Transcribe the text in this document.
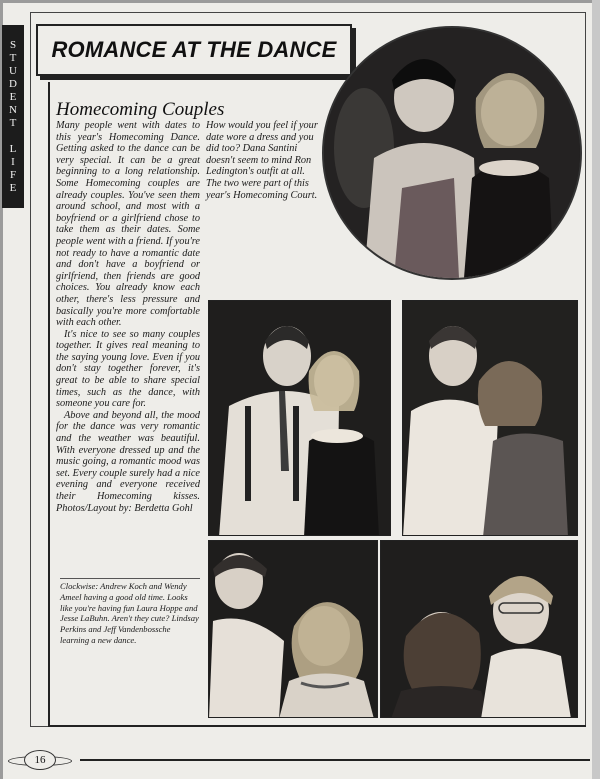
STUDENT LIFE ROMANCE AT THE DANCE
Homecoming Couples

Many people went with dates to this year's Homecoming Dance. Getting asked to the dance can be very special. It can be a great beginning to a long relationship. Some Homecoming couples are already couples. You've seen them around school, and most with a boyfriend or a girlfriend chose to take them as their dates. Some people went with a friend. If you're not ready to have a romantic date and don't have a boyfriend or girlfriend, then friends are good choices. You already know each other, there's less pressure and basically you're more comfortable with each other.

It's nice to see so many couples together. It gives real meaning to the saying young love. Even if you don't stay together forever, it's great to be able to share special times, such as the dance, with someone you care for.

Above and beyond all, the mood for the dance was very romantic and the weather was beautiful. With everyone dressed up and the music going, a romantic mood was set. Every couple surely had a nice evening and everyone received their Homecoming kisses. Photos/Layout by: Berdetta Gohl

How would you feel if your date wore a dress and you did too? Dana Santini doesn't seem to mind Ron Ledington's outfit at all. The two were part of this year's Homecoming Court.

Clockwise: Andrew Koch and Wendy Ameel having a good old time. Looks like you're having fun Laura Hoppe and Jesse LaBuhn. Aren't they cute? Lindsay Perkins and Jeff Vandenbossche learning a new dance.
16
